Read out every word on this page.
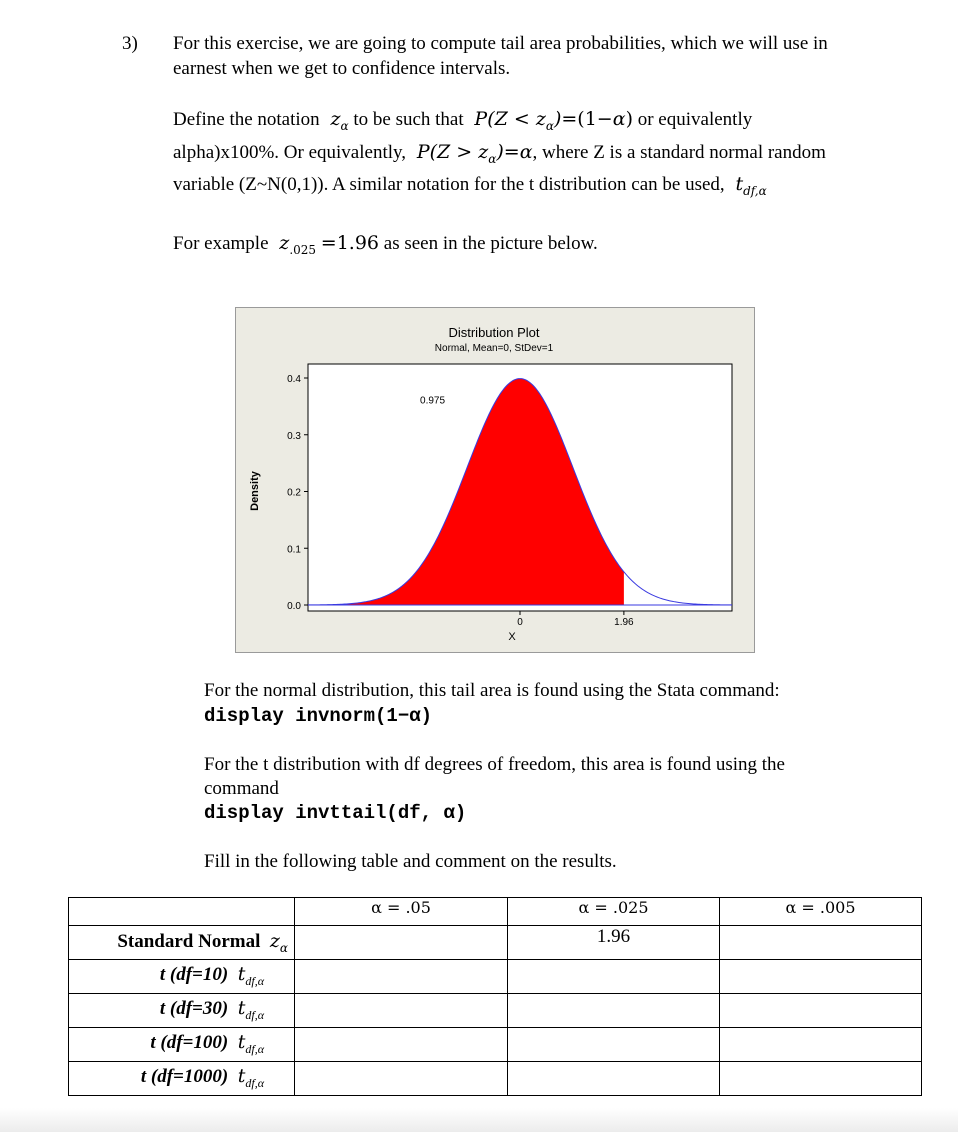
3) For this exercise, we are going to compute tail area probabilities, which we will use in
earnest when we get to confidence intervals.
Define the notation  $z_\alpha$ to be such that  $P(Z < z_\alpha)=(1-\alpha)$ or equivalently
alpha)x100%. Or equivalently,  $P(Z > z_\alpha)=\alpha$, where Z is a standard normal random
variable (Z~N(0,1)). A similar notation for the t distribution can be used,  $t_{df,\alpha}$
For example  $z_{.025} =1.96$ as seen in the picture below.
Distribution Plot
Normal, Mean=0, StDev=1
0.0
0.1
0.2
0.3
0.4
0	1.96
0.975
Density
X
For the normal distribution, this tail area is found using the Stata command:
display invnorm(1−α)
For the t distribution with df degrees of freedom, this area is found using the
command
display invttail(df, α)
Fill in the following table and comment on the results.
	α = .05	α = .025	α = .005
Standard Normal $z_\alpha$		1.96	
t (df=10) $t_{df,\alpha}$			
t (df=30) $t_{df,\alpha}$			
t (df=100) $t_{df,\alpha}$			
t (df=1000) $t_{df,\alpha}$			
